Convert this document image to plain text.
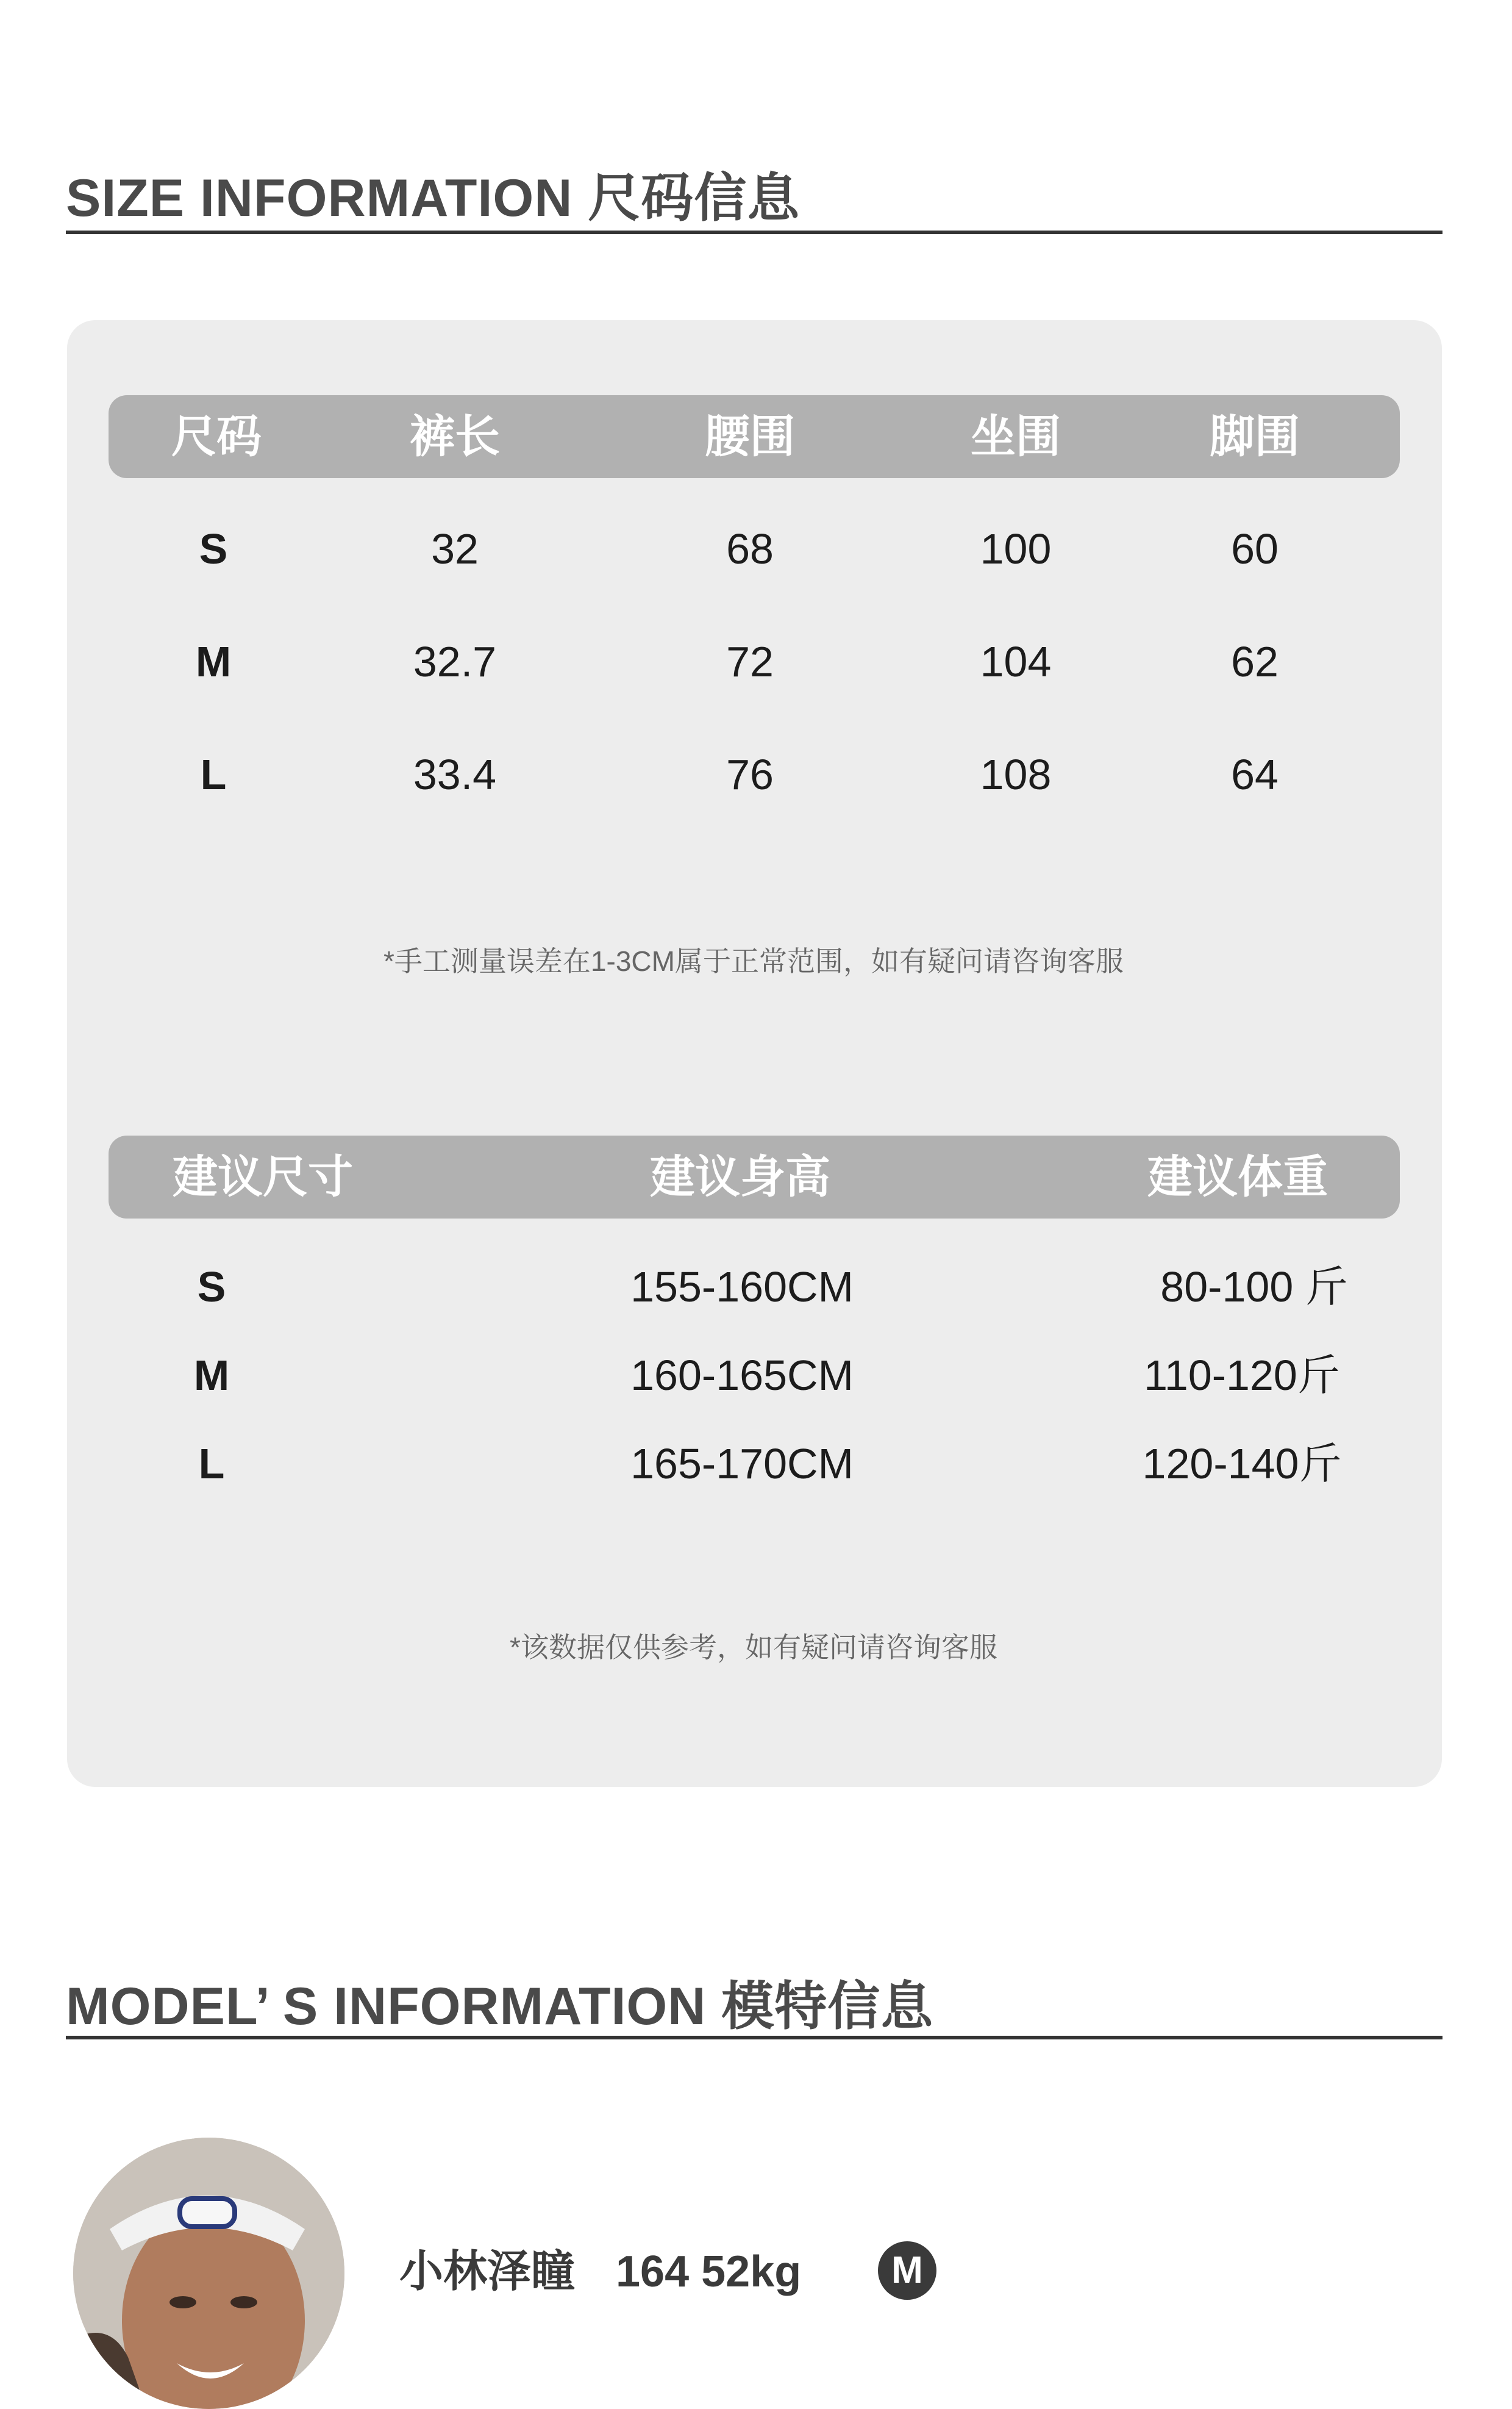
SIZE INFORMATION 尺码信息
尺码	裤长	腰围	坐围	脚围
S	32	68	100	60
M	32.7	72	104	62
L	33.4	76	108	64
*手工测量误差在1-3CM属于正常范围，如有疑问请咨询客服
建议尺寸	建议身高	建议体重
S	155-160CM	80-100 斤
M	160-165CM	110-120斤
L	165-170CM	120-140斤
*该数据仅供参考，如有疑问请咨询客服
MODEL’ S INFORMATION 模特信息
小林泽瞳 164 52kg	M
